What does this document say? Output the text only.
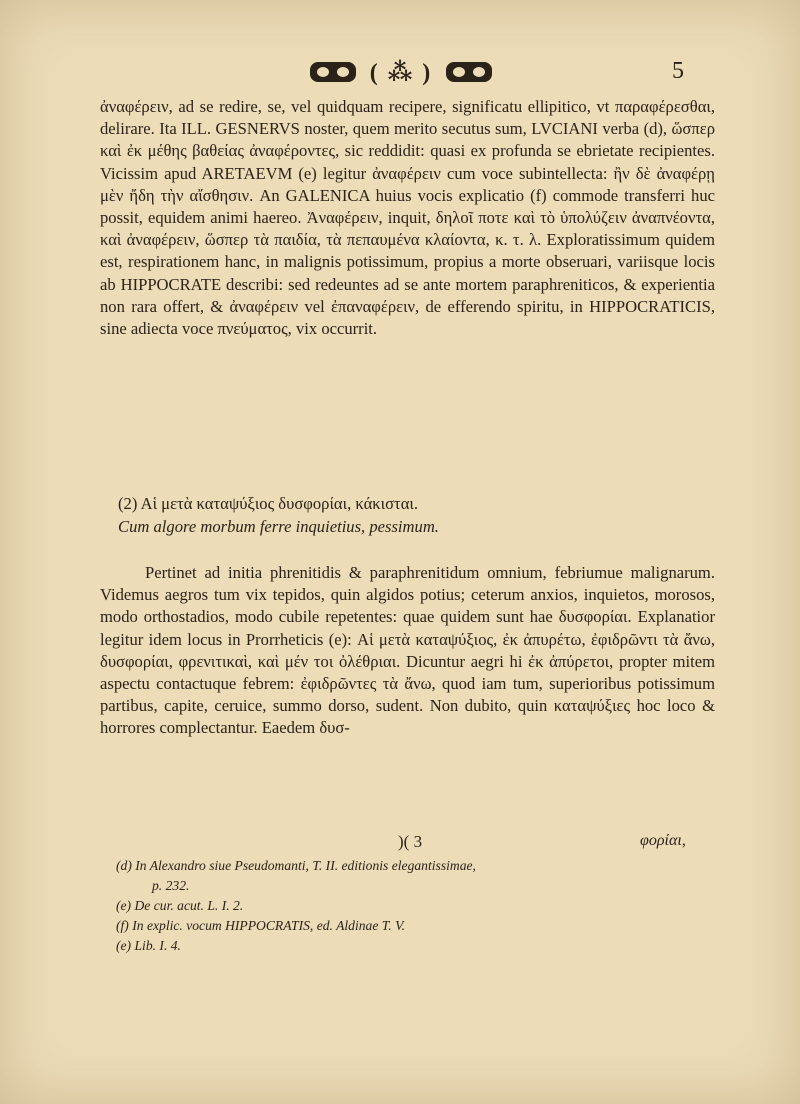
( ⁂ )	5
ἀναφέρειν, ad se redire, se, vel quidquam recipere, significatu ellipitico, vt παραφέρεσθαι, delirare. Ita ILL. GESNERVS noster, quem merito secutus sum, LVCIANI verba (d), ὥσπερ καὶ ἐκ μέθης βαθείας ἀναφέροντες, sic reddidit: quasi ex profunda se ebrietate recipientes. Vicissim apud ARETAEVM (e) legitur ἀναφέρειν cum voce subintellecta: ἢν δὲ ἀναφέρῃ μὲν ἤδη τὴν αἴσθησιν. An GALENICA huius vocis explicatio (f) commode transferri huc possit, equidem animi haereo. Ἀναφέρειν, inquit, δηλοῖ ποτε καὶ τὸ ὑπολύζειν ἀναπνέοντα, καὶ ἀναφέρειν, ὥσπερ τὰ παιδία, τὰ πεπαυμένα κλαίοντα, κ. τ. λ. Exploratissimum quidem est, respirationem hanc, in malignis potissimum, propius a morte obseruari, variisque locis ab HIPPOCRATE describi: sed redeuntes ad se ante mortem paraphreniticos, & experientia non rara offert, & ἀναφέρειν vel ἐπαναφέρειν, de efferendo spiritu, in HIPPOCRATICIS, sine adiecta voce πνεύματος, vix occurrit.
(2) Αἱ μετὰ καταψύξιος δυσφορίαι, κάκισται.
Cum algore morbum ferre inquietius, pessimum.
Pertinet ad initia phrenitidis & paraphrenitidum omnium, febriumue malignarum. Videmus aegros tum vix tepidos, quin algidos potius; ceterum anxios, inquietos, morosos, modo orthostadios, modo cubile repetentes: quae quidem sunt hae δυσφορίαι. Explanatior legitur idem locus in Prorrheticis (e): Αἱ μετὰ καταψύξιος, ἐκ ἀπυρέτω, ἐφιδρῶντι τὰ ἄνω, δυσφορίαι, φρενιτικαὶ, καὶ μέν τοι ὀλέθριαι. Dicuntur aegri hi ἐκ ἀπύρετοι, propter mitem aspectu contactuque febrem: ἐφιδρῶντες τὰ ἄνω, quod iam tum, superioribus potissimum partibus, capite, ceruice, summo dorso, sudent. Non dubito, quin καταψύξιες hoc loco & horrores complectantur. Eaedem δυσ-
)( 3	φορίαι,
(d) In Alexandro siue Pseudomanti, T. II. editionis elegantissimae,
p. 232.
(e) De cur. acut. L. I. 2.
(f) In explic. vocum HIPPOCRATIS, ed. Aldinae T. V.
(e) Lib. I. 4.
